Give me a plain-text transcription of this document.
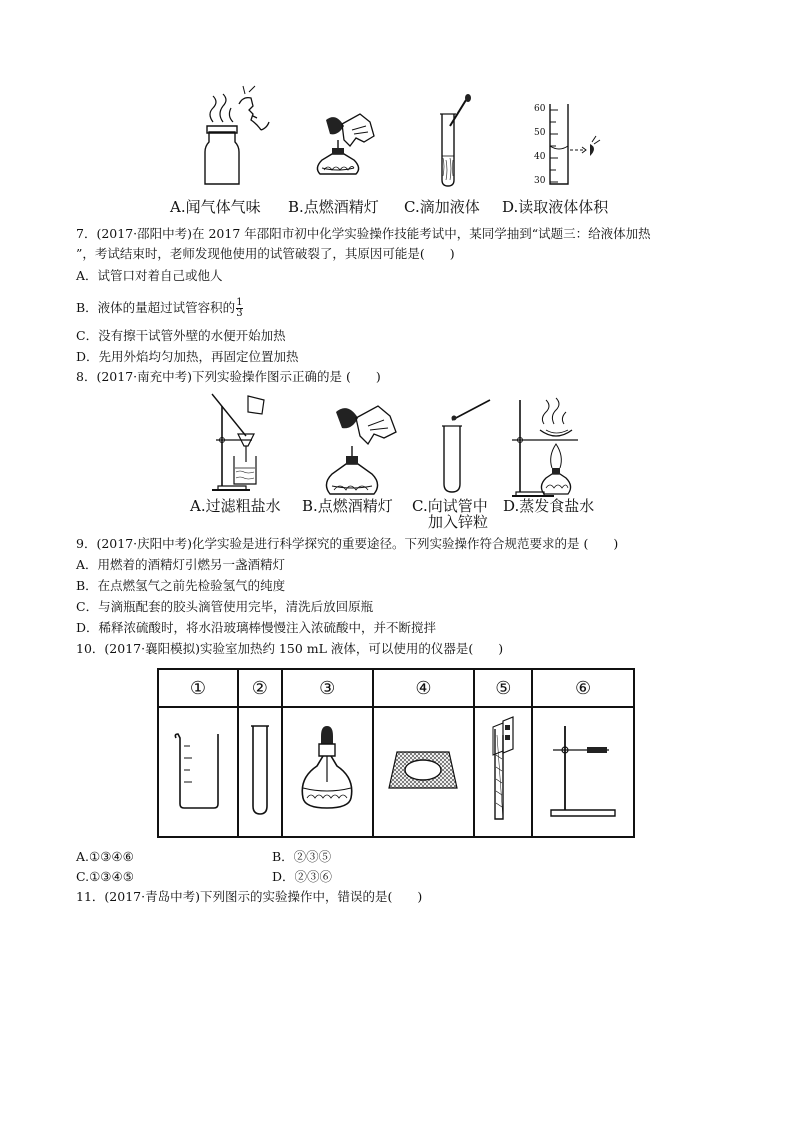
60
50
40
30
A.闻气体气味 B.点燃酒精灯 C.滴加液体 D.读取液体体积
7．(2017·邵阳中考)在 2017 年邵阳市初中化学实验操作技能考试中，某同学抽到“试题三：给液体加热
”，考试结束时，老师发现他使用的试管破裂了，其原因可能是(　　)
A．试管口对着自己或他人
B．液体的量超过试管容积的 $\frac{1}{3}$
C．没有擦干试管外壁的水便开始加热
D．先用外焰均匀加热，再固定位置加热
8．(2017·南充中考)下列实验操作图示正确的是 (　　)
A.过滤粗盐水 B.点燃酒精灯 C.向试管中
加入锌粒
D.蒸发食盐水
9．(2017·庆阳中考)化学实验是进行科学探究的重要途径。下列实验操作符合规范要求的是 (　　)
A．用燃着的酒精灯引燃另一盏酒精灯
B．在点燃氢气之前先检验氢气的纯度
C．与滴瓶配套的胶头滴管使用完毕，清洗后放回原瓶
D．稀释浓硫酸时，将水沿玻璃棒慢慢注入浓硫酸中，并不断搅拌
10．(2017·襄阳模拟)实验室加热约 150 mL 液体，可以使用的仪器是(　　)
①	②	③	④	⑤	⑥

A.①③④⑥	B．②③⑤
C.①③④⑤	D．②③⑥
11．(2017·青岛中考)下列图示的实验操作中，错误的是(　　)
